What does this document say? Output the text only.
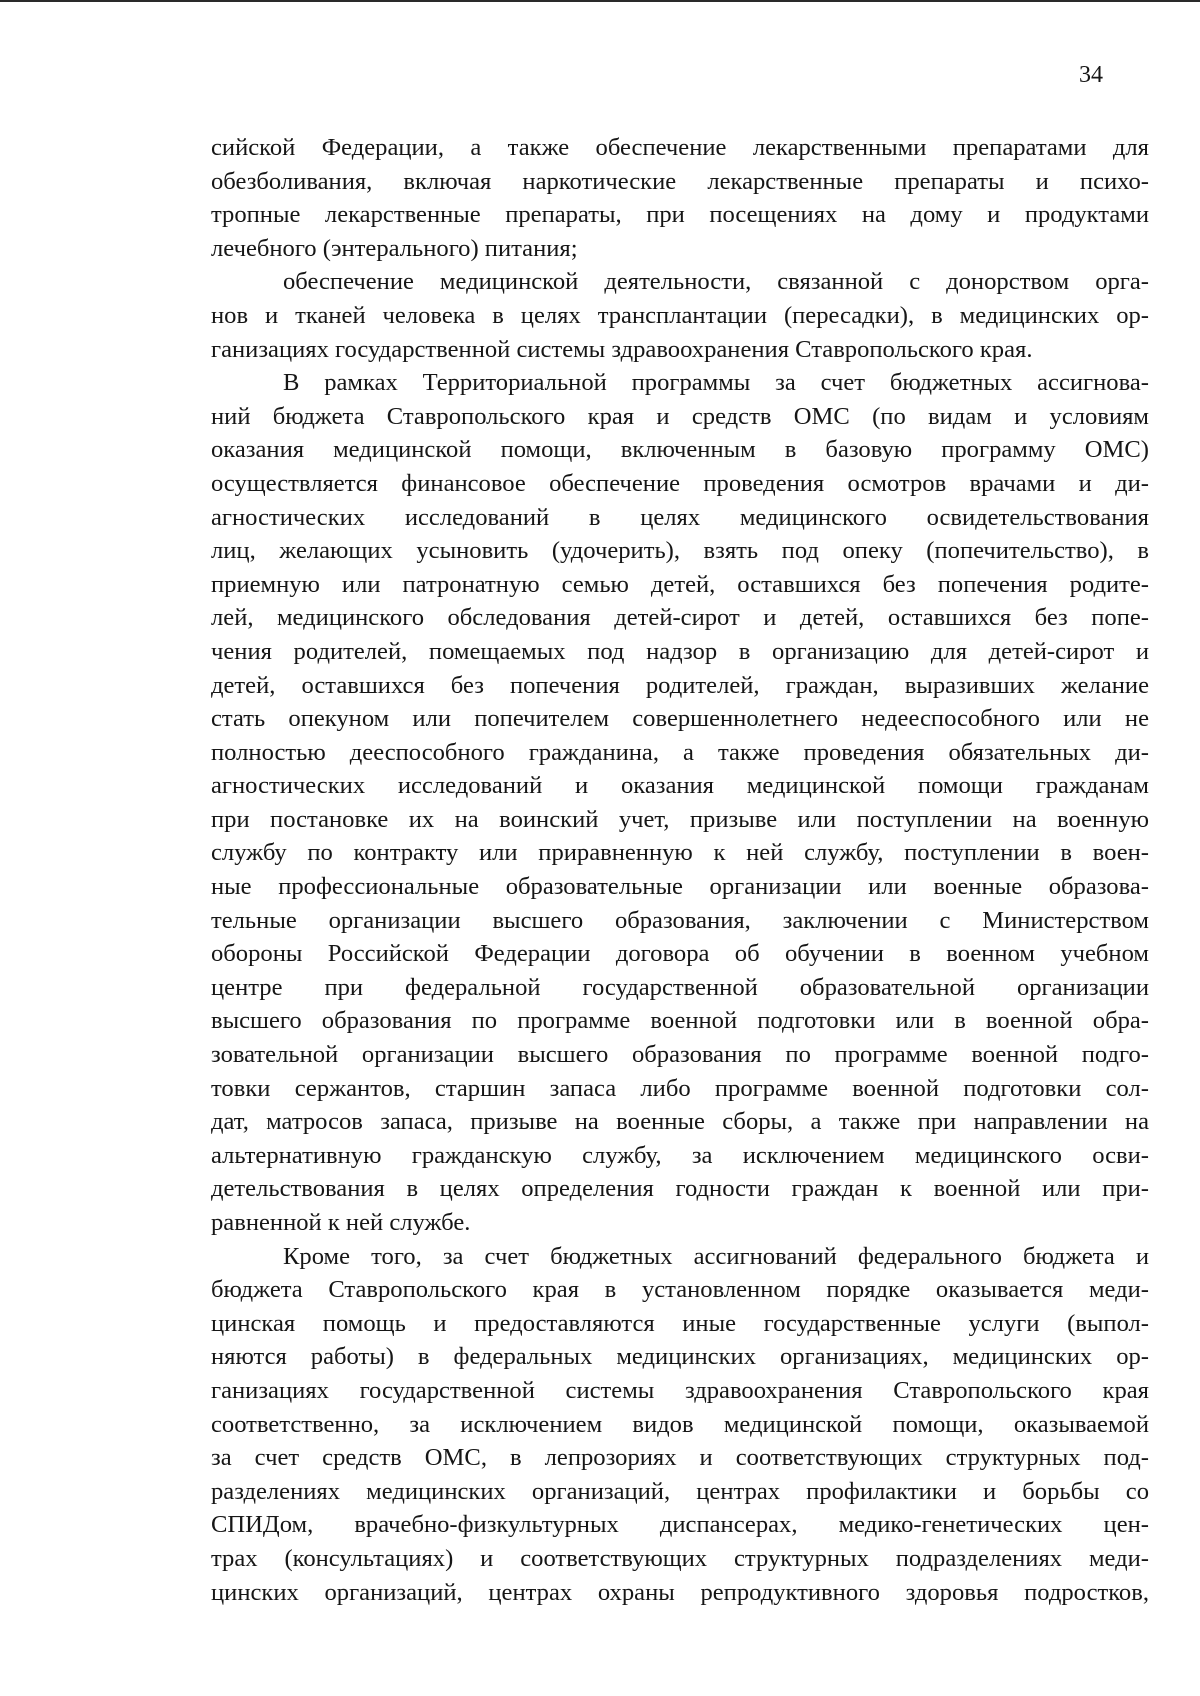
34
сийской Федерации, а также обеспечение лекарственными препаратами для
обезболивания, включая наркотические лекарственные препараты и психо-
тропные лекарственные препараты, при посещениях на дому и продуктами
лечебного (энтерального) питания;
обеспечение медицинской деятельности, связанной с донорством орга-
нов и тканей человека в целях трансплантации (пересадки), в медицинских ор-
ганизациях государственной системы здравоохранения Ставропольского края.
В рамках Территориальной программы за счет бюджетных ассигнова-
ний бюджета Ставропольского края и средств ОМС (по видам и условиям
оказания медицинской помощи, включенным в базовую программу ОМС)
осуществляется финансовое обеспечение проведения осмотров врачами и ди-
агностических исследований в целях медицинского освидетельствования
лиц, желающих усыновить (удочерить), взять под опеку (попечительство), в
приемную или патронатную семью детей, оставшихся без попечения родите-
лей, медицинского обследования детей-сирот и детей, оставшихся без попе-
чения родителей, помещаемых под надзор в организацию для детей-сирот и
детей, оставшихся без попечения родителей, граждан, выразивших желание
стать опекуном или попечителем совершеннолетнего недееспособного или не
полностью дееспособного гражданина, а также проведения обязательных ди-
агностических исследований и оказания медицинской помощи гражданам
при постановке их на воинский учет, призыве или поступлении на военную
службу по контракту или приравненную к ней службу, поступлении в воен-
ные профессиональные образовательные организации или военные образова-
тельные организации высшего образования, заключении с Министерством
обороны Российской Федерации договора об обучении в военном учебном
центре при федеральной государственной образовательной организации
высшего образования по программе военной подготовки или в военной обра-
зовательной организации высшего образования по программе военной подго-
товки сержантов, старшин запаса либо программе военной подготовки сол-
дат, матросов запаса, призыве на военные сборы, а также при направлении на
альтернативную гражданскую службу, за исключением медицинского осви-
детельствования в целях определения годности граждан к военной или при-
равненной к ней службе.
Кроме того, за счет бюджетных ассигнований федерального бюджета и
бюджета Ставропольского края в установленном порядке оказывается меди-
цинская помощь и предоставляются иные государственные услуги (выпол-
няются работы) в федеральных медицинских организациях, медицинских ор-
ганизациях государственной системы здравоохранения Ставропольского края
соответственно, за исключением видов медицинской помощи, оказываемой
за счет средств ОМС, в лепрозориях и соответствующих структурных под-
разделениях медицинских организаций, центрах профилактики и борьбы со
СПИДом, врачебно-физкультурных диспансерах, медико-генетических цен-
трах (консультациях) и соответствующих структурных подразделениях меди-
цинских организаций, центрах охраны репродуктивного здоровья подростков,
